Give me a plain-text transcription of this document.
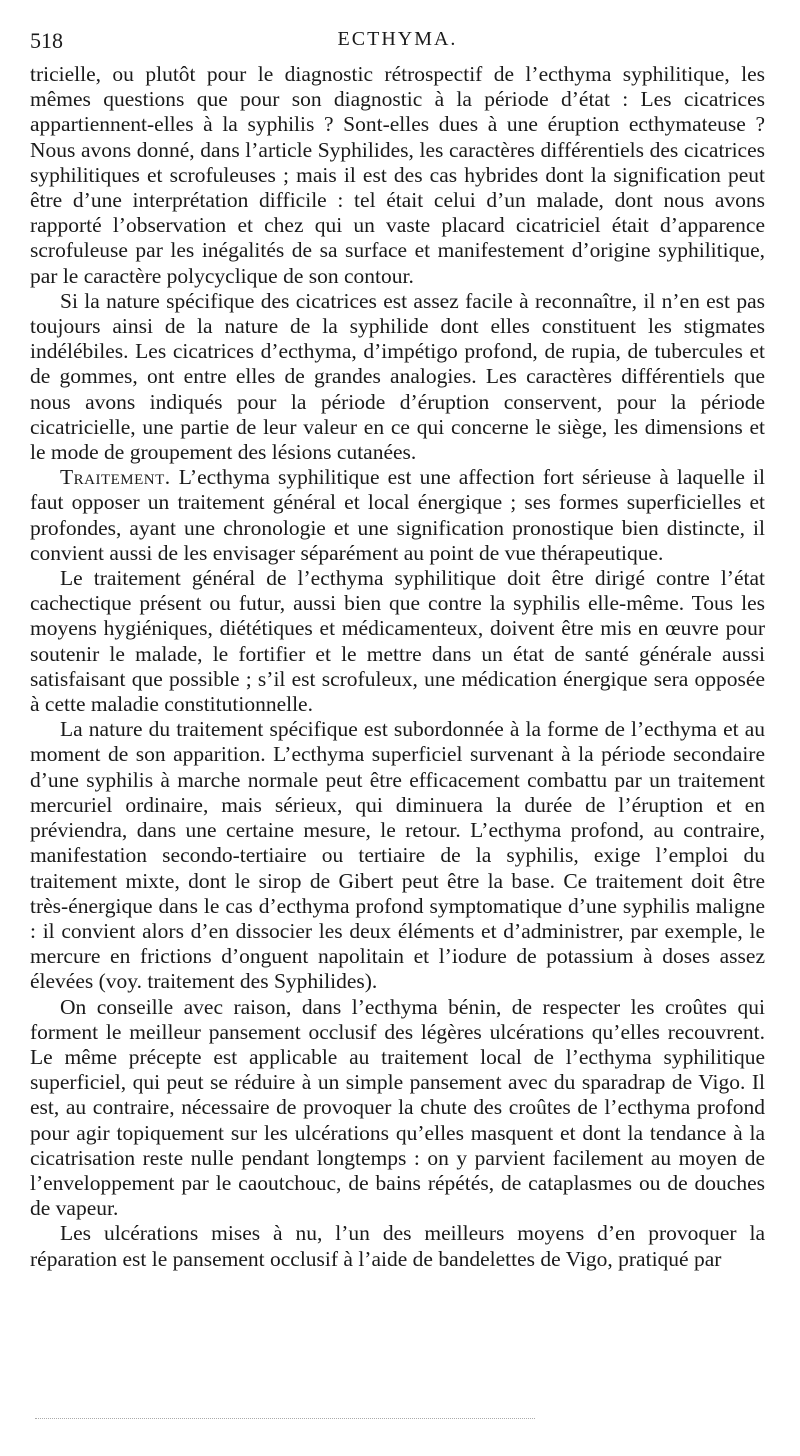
518	ECTHYMA.

tricielle, ou plutôt pour le diagnostic rétrospectif de l’ecthyma syphilitique, les mêmes questions que pour son diagnostic à la période d’état : Les cicatrices appartiennent-elles à la syphilis ? Sont-elles dues à une éruption ecthymateuse ? Nous avons donné, dans l’article Syphilides, les caractères différentiels des cicatrices syphilitiques et scrofuleuses ; mais il est des cas hybrides dont la signification peut être d’une interprétation difficile : tel était celui d’un malade, dont nous avons rapporté l’observation et chez qui un vaste placard cicatriciel était d’apparence scrofuleuse par les inégalités de sa surface et manifestement d’origine syphilitique, par le caractère polycyclique de son contour.

Si la nature spécifique des cicatrices est assez facile à reconnaître, il n’en est pas toujours ainsi de la nature de la syphilide dont elles constituent les stigmates indélébiles. Les cicatrices d’ecthyma, d’impétigo profond, de rupia, de tubercules et de gommes, ont entre elles de grandes analogies. Les caractères différentiels que nous avons indiqués pour la période d’éruption conservent, pour la période cicatricielle, une partie de leur valeur en ce qui concerne le siège, les dimensions et le mode de groupement des lésions cutanées.

Traitement. L’ecthyma syphilitique est une affection fort sérieuse à laquelle il faut opposer un traitement général et local énergique ; ses formes superficielles et profondes, ayant une chronologie et une signification pronostique bien distincte, il convient aussi de les envisager séparément au point de vue thérapeutique.

Le traitement général de l’ecthyma syphilitique doit être dirigé contre l’état cachectique présent ou futur, aussi bien que contre la syphilis elle-même. Tous les moyens hygiéniques, diététiques et médicamenteux, doivent être mis en œuvre pour soutenir le malade, le fortifier et le mettre dans un état de santé générale aussi satisfaisant que possible ; s’il est scrofuleux, une médication énergique sera opposée à cette maladie constitutionnelle.

La nature du traitement spécifique est subordonnée à la forme de l’ecthyma et au moment de son apparition. L’ecthyma superficiel survenant à la période secondaire d’une syphilis à marche normale peut être efficacement combattu par un traitement mercuriel ordinaire, mais sérieux, qui diminuera la durée de l’éruption et en préviendra, dans une certaine mesure, le retour. L’ecthyma profond, au contraire, manifestation secondo-tertiaire ou tertiaire de la syphilis, exige l’emploi du traitement mixte, dont le sirop de Gibert peut être la base. Ce traitement doit être très-énergique dans le cas d’ecthyma profond symptomatique d’une syphilis maligne : il convient alors d’en dissocier les deux éléments et d’administrer, par exemple, le mercure en frictions d’onguent napolitain et l’iodure de potassium à doses assez élevées (voy. traitement des Syphilides).

On conseille avec raison, dans l’ecthyma bénin, de respecter les croûtes qui forment le meilleur pansement occlusif des légères ulcérations qu’elles recouvrent. Le même précepte est applicable au traitement local de l’ecthyma syphilitique superficiel, qui peut se réduire à un simple pansement avec du sparadrap de Vigo. Il est, au contraire, nécessaire de provoquer la chute des croûtes de l’ecthyma profond pour agir topiquement sur les ulcérations qu’elles masquent et dont la tendance à la cicatrisation reste nulle pendant longtemps : on y parvient facilement au moyen de l’enveloppement par le caoutchouc, de bains répétés, de cataplasmes ou de douches de vapeur.

Les ulcérations mises à nu, l’un des meilleurs moyens d’en provoquer la réparation est le pansement occlusif à l’aide de bandelettes de Vigo, pratiqué par
